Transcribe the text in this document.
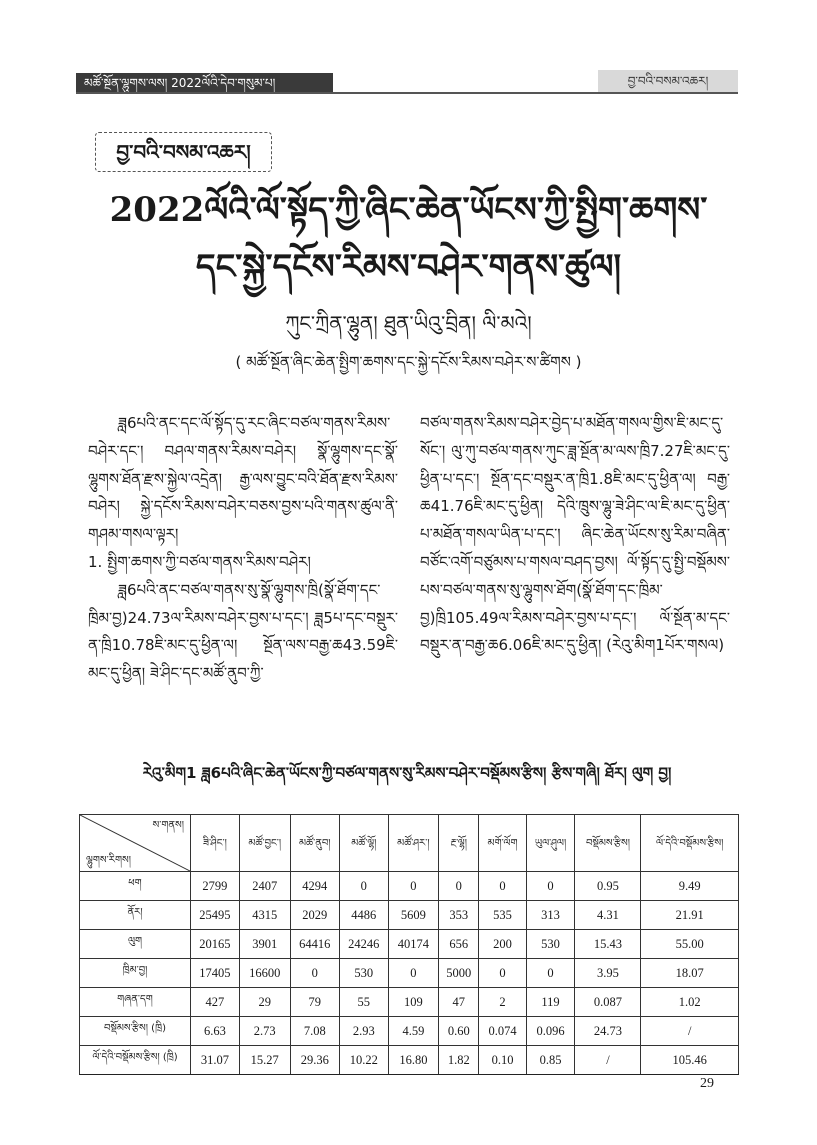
མཚོ་སྔོན་ལྷུགས་ལས། 2022ལོའི་དེབ་གསུམ་པ།	བྱ་བའི་བསམ་འཆར།
བྱ་བའི་བསམ་འཆར།
2022ལོའི་ལོ་སྟོད་ཀྱི་ཞིང་ཆེན་ཡོངས་ཀྱི་སྤྱིག་ཆགས་
དང་སྐྱེ་དངོས་རིམས་བཤེར་གནས་ཚུལ།
ཀུང་ཀྲིན་ལྷུན། ཐུན་ཡིའུ་བྲིན། ལི་མའེ།
( མཚོ་སྔོན་ཞིང་ཆེན་སྤྱིག་ཆགས་དང་སྐྱེ་དངོས་རིམས་བཤེར་ས་ཚིགས )

ཟླ6པའི་ནང་དང་ལོ་སྟོད་དུ་རང་ཞིང་བཙལ་གནས་རིམས་བཤེར་དང་། བཤལ་གནས་རིམས་བཤེར། སྣོ་ལྷུགས་དང་སྣོ་ལྷུགས་ཐོན་རྫས་སྐྱེལ་འདྲེན། རྒྱ་ལས་བྱུང་བའི་ཐོན་རྫས་རིམས་བཤེར། སྐྱེ་དངོས་རིམས་བཤེར་བཅས་བྱས་པའི་གནས་ཚུལ་ནི་གཤམ་གསལ་ལྟར།

1. སྤྱིག་ཆགས་ཀྱི་བཙལ་གནས་རིམས་བཤེར།

ཟླ6པའི་ནང་བཙལ་གནས་སུ་སྣོ་ལྷུགས་ཁྲི(སྣོ་ཐོག་དང་ཁྲིམ་བྱ)24.73ལ་རིམས་བཤེར་བྱས་པ་དང་། ཟླ5པ་དང་བསྡུར་ན་ཁྲི10.78ཇི་མང་དུ་ཕྱིན་ལ། སྔོན་ལས་བརྒྱ་ཆ43.59ཇི་མང་དུ་ཕྱིན། ཟེ་ཤིང་དང་མཚོ་ནུབ་ཀྱི་

བཙལ་གནས་རིམས་བཤེར་བྱེད་པ་མཐོན་གསལ་གྱིས་ཇི་མང་དུ་སོང་། ལུ་ཀུ་བཙལ་གནས་ཀུང་ཟླ་སྔོན་མ་ལས་ཁྲི7.27ཇི་མང་དུ་ཕྱིན་པ་དང་། སྔོན་དང་བསྡུར་ན་ཁྲི1.8ཇི་མང་དུ་ཕྱིན་ལ། བརྒྱ་ཆ41.76ཇི་མང་དུ་ཕྱིན། དེའི་ཁྲུས་ལྷུ་ཟེ་ཤིང་ལ་ཇི་མང་དུ་ཕྱིན་པ་མཐོན་གསལ་ཡིན་པ་དང་། ཞིང་ཆེན་ཡོངས་སུ་རིམ་བཞིན་བཙོང་འགོ་བཙུམས་པ་གསལ་བཤད་བྱས། ལོ་སྟོད་དུ་སྤྱི་བསྡོམས་པས་བཙལ་གནས་སུ་ལྷུགས་ཐོག(སྣོ་ཐོག་དང་ཁྲིམ་བྱ)ཁྲི105.49ལ་རིམས་བཤེར་བྱས་པ་དང་། ལོ་སྔོན་མ་དང་བསྡུར་ན་བརྒྱ་ཆ6.06ཇི་མང་དུ་ཕྱིན། (རེའུ་མིག1པོར་གསལ)

རེའུ་མིག1 ཟླ6པའི་ཞིང་ཆེན་ཡོངས་ཀྱི་བཙལ་གནས་སུ་རིམས་བཤེར་བསྡོམས་རྩིས། རྩིས་གཞི། ཐོར། ལུག བྱ།
ས་གནས།
ལྷུགས་རིགས།	ཟི་ཤིང་།	མཚོ་བྱང་།	མཚོ་ནུབ།	མཚོ་ལྷོ།	མཚོ་ཤར་།	རྔ་ལྷོ།	མགོ་ལོག	ཡུལ་ཤུལ།	བསྡོམས་རྩིས།	ལོ་དེའི་བསྡོམས་རྩིས།
ཕག	2799	2407	4294	0	0	0	0	0	0.95	9.49
ནོར།	25495	4315	2029	4486	5609	353	535	313	4.31	21.91
ལུག	20165	3901	64416	24246	40174	656	200	530	15.43	55.00
ཁྲིམ་བྱ།	17405	16600	0	530	0	5000	0	0	3.95	18.07
གཞན་དག	427	29	79	55	109	47	2	119	0.087	1.02
བསྡོམས་རྩིས། (ཁྲི)	6.63	2.73	7.08	2.93	4.59	0.60	0.074	0.096	24.73	/
ལོ་དེའི་བསྡོམས་རྩིས། (ཁྲི)	31.07	15.27	29.36	10.22	16.80	1.82	0.10	0.85	/	105.46
29
